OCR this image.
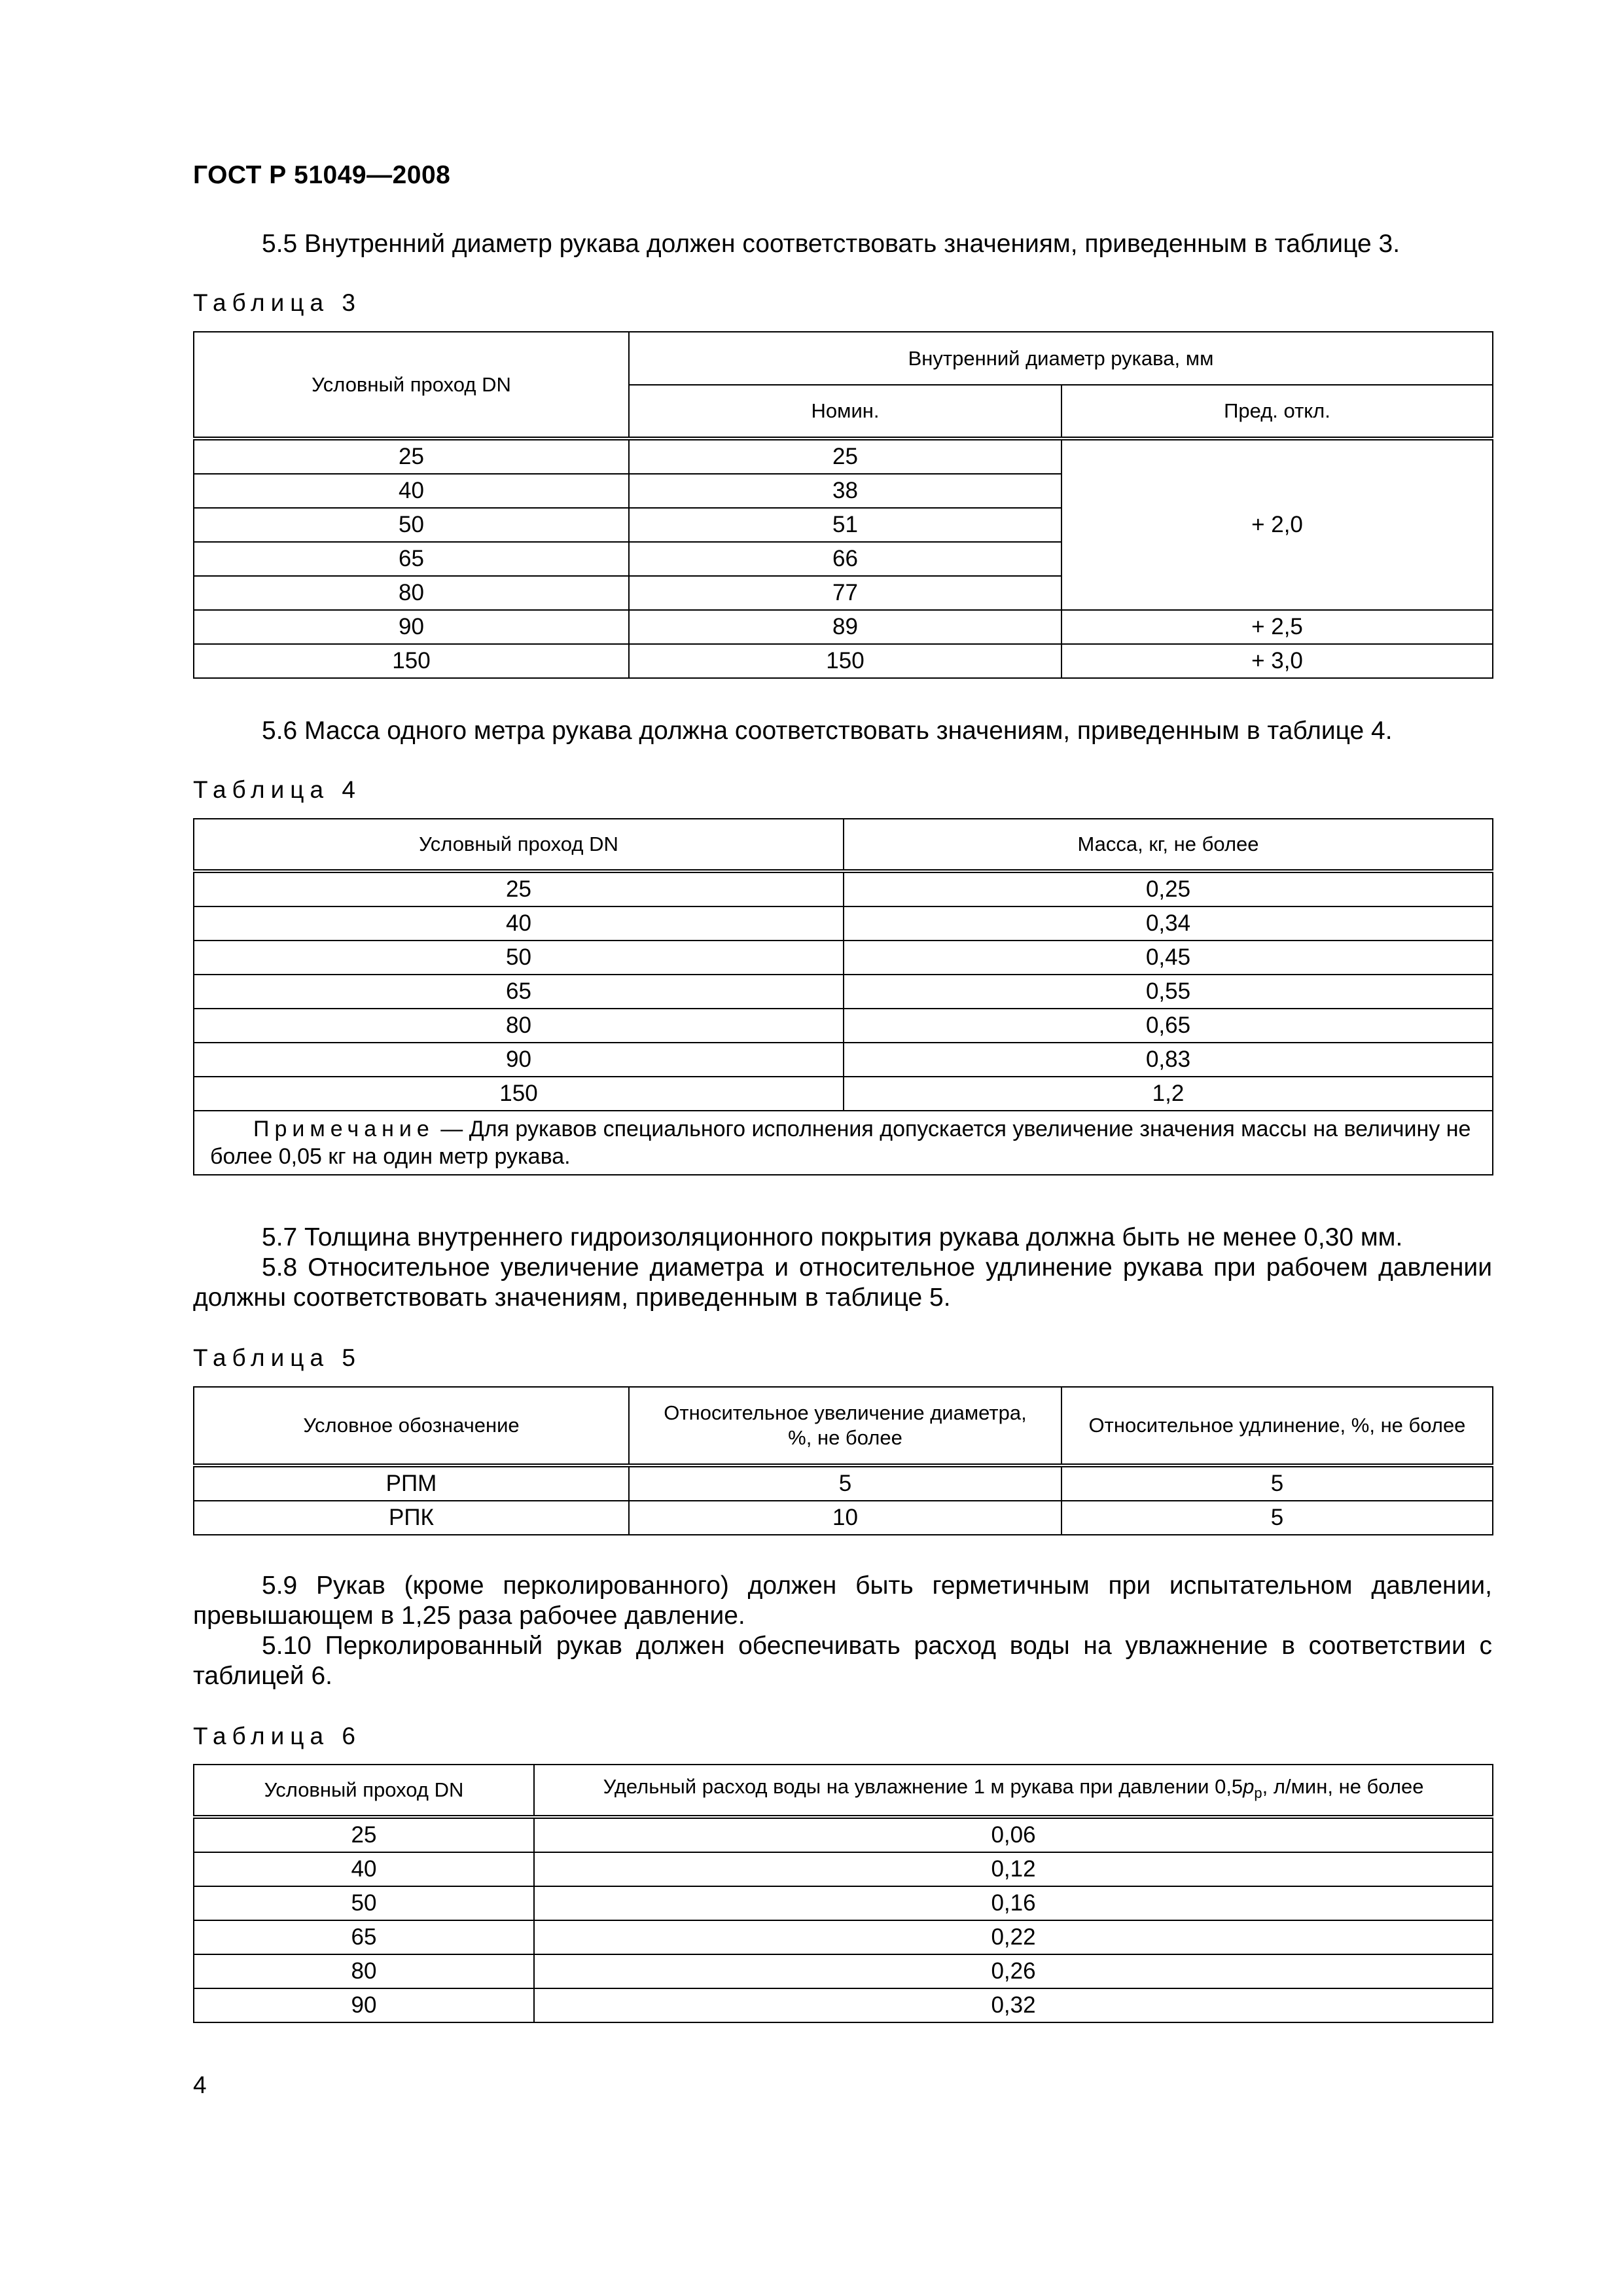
ГОСТ Р 51049—2008
5.5 Внутренний диаметр рукава должен соответствовать значениям, приведенным в таблице 3.
Таблица 3
Условный проход DN	Внутренний диаметр рукава, мм	
	Номин.	Пред. откл.
25	25	+ 2,0
40	38	
50	51	
65	66	
80	77	
90	89	+ 2,5
150	150	+ 3,0
5.6 Масса одного метра рукава должна соответствовать значениям, приведенным в таблице 4.
Таблица 4
Условный проход DN	Масса, кг, не более
25	0,25
40	0,34
50	0,45
65	0,55
80	0,65
90	0,83
150	1,2
Примечание — Для рукавов специального исполнения допускается увеличение значения массы на величину не более 0,05 кг на один метр рукава.	
5.7 Толщина внутреннего гидроизоляционного покрытия рукава должна быть не менее 0,30 мм.
5.8 Относительное увеличение диаметра и относительное удлинение рукава при рабочем давлении должны соответствовать значениям, приведенным в таблице 5.
Таблица 5
Условное обозначение	Относительное увеличение диаметра, %, не более	Относительное удлинение, %, не более
РПМ	5	5
РПК	10	5
5.9 Рукав (кроме перколированного) должен быть герметичным при испытательном давлении, превышающем в 1,25 раза рабочее давление.
5.10 Перколированный рукав должен обеспечивать расход воды на увлажнение в соответствии с таблицей 6.
Таблица 6
Условный проход DN	Удельный расход воды на увлажнение 1 м рукава при давлении $0,5p_р$, л/мин, не более
25	0,06
40	0,12
50	0,16
65	0,22
80	0,26
90	0,32
4
